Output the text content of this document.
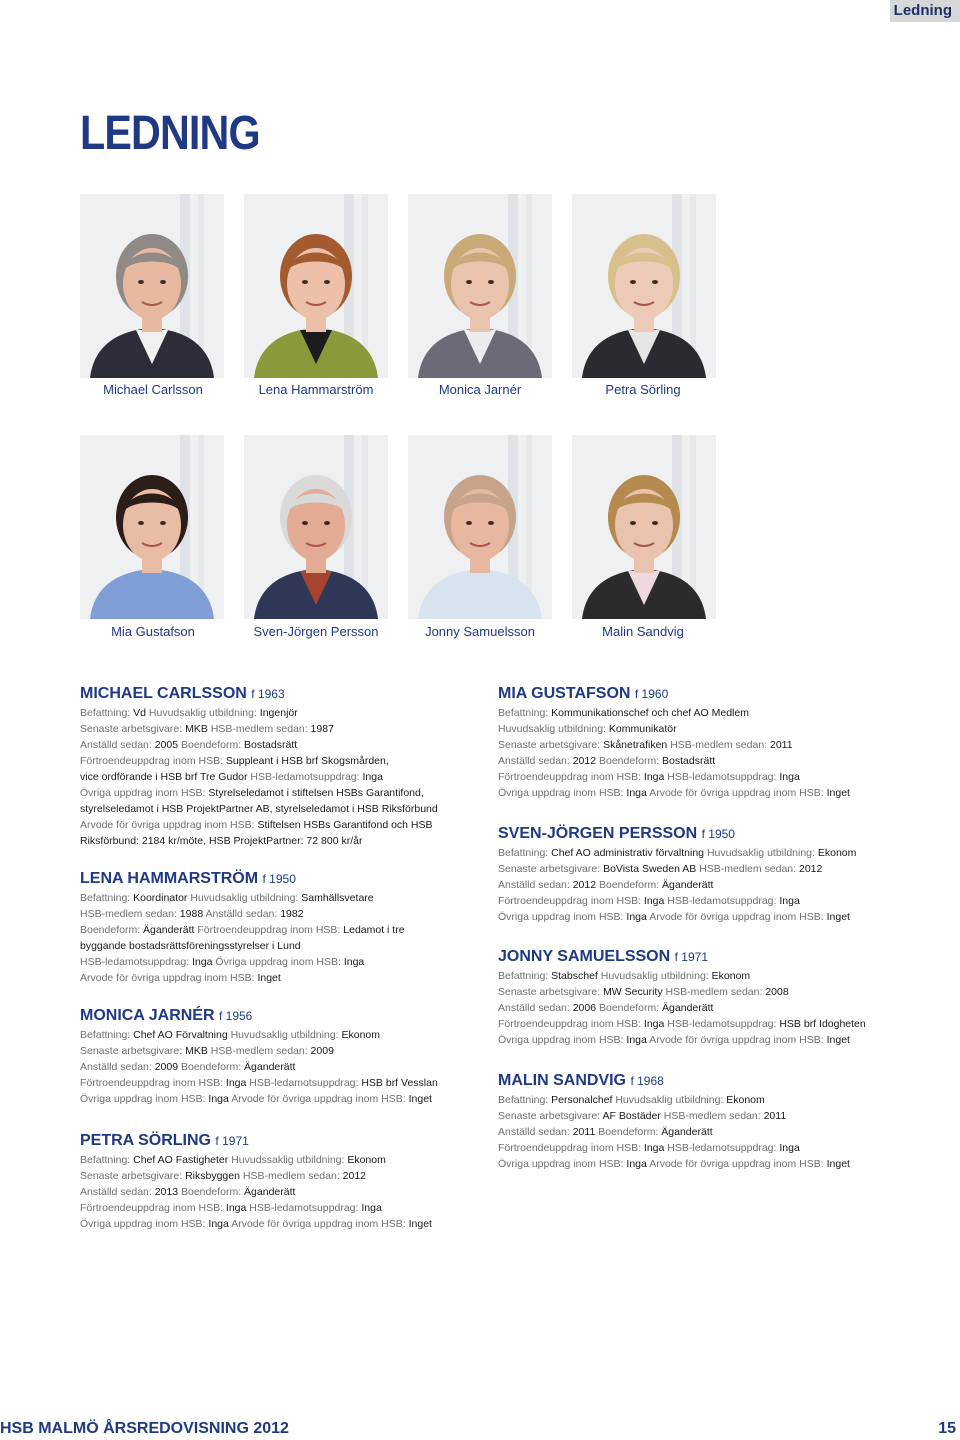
Ledning
LEDNING
Michael Carlsson	Lena Hammarström	Monica Jarnér	Petra Sörling
Mia Gustafson	Sven-Jörgen Persson	Jonny Samuelsson	Malin Sandvig
MICHAEL CARLSSON f 1963

Befattning: Vd Huvudsaklig utbildning: Ingenjör

Senaste arbetsgivare: MKB HSB-medlem sedan: 1987

Anställd sedan: 2005 Boendeform: Bostadsrätt

Förtroendeuppdrag inom HSB: Suppleant i HSB brf Skogsmården,

vice ordförande i HSB brf Tre Gudor HSB-ledamotsuppdrag: Inga

Övriga uppdrag inom HSB: Styrelseledamot i stiftelsen HSBs Garantifond,

styrelseledamot i HSB ProjektPartner AB, styrelseledamot i HSB Riksförbund

Arvode för övriga uppdrag inom HSB: Stiftelsen HSBs Garantifond och HSB

Riksförbund: 2184 kr/möte, HSB ProjektPartner: 72 800 kr/år

LENA HAMMARSTRÖM f 1950

Befattning: Koordinator Huvudsaklig utbildning: Samhällsvetare

HSB-medlem sedan: 1988 Anställd sedan: 1982

Boendeform: Äganderätt Förtroendeuppdrag inom HSB: Ledamot i tre

byggande bostadsrättsföreningsstyrelser i Lund

HSB-ledamotsuppdrag: Inga Övriga uppdrag inom HSB: Inga

Arvode för övriga uppdrag inom HSB: Inget

MONICA JARNÉR f 1956

Befattning: Chef AO Förvaltning Huvudsaklig utbildning: Ekonom

Senaste arbetsgivare: MKB HSB-medlem sedan: 2009

Anställd sedan: 2009 Boendeform: Äganderätt

Förtroendeuppdrag inom HSB: Inga HSB-ledamotsuppdrag: HSB brf Vesslan

Övriga uppdrag inom HSB: Inga Arvode för övriga uppdrag inom HSB: Inget

PETRA SÖRLING f 1971

Befattning: Chef AO Fastigheter Huvudssaklig utbildning: Ekonom

Senaste arbetsgivare: Riksbyggen HSB-medlem sedan: 2012

Anställd sedan: 2013 Boendeform: Äganderätt

Förtroendeuppdrag inom HSB: Inga HSB-ledamotsuppdrag: Inga

Övriga uppdrag inom HSB: Inga Arvode för övriga uppdrag inom HSB: Inget

MIA GUSTAFSON f 1960

Befattning: Kommunikationschef och chef AO Medlem

Huvudsaklig utbildning: Kommunikatör

Senaste arbetsgivare: Skånetrafiken HSB-medlem sedan: 2011

Anställd sedan: 2012 Boendeform: Bostadsrätt

Förtroendeuppdrag inom HSB: Inga HSB-ledamotsuppdrag: Inga

Övriga uppdrag inom HSB: Inga Arvode för övriga uppdrag inom HSB: Inget

SVEN-JÖRGEN PERSSON f 1950

Befattning: Chef AO administrativ förvaltning Huvudsaklig utbildning: Ekonom

Senaste arbetsgivare: BoVista Sweden AB HSB-medlem sedan: 2012

Anställd sedan: 2012 Boendeform: Äganderätt

Förtroendeuppdrag inom HSB: Inga HSB-ledamotsuppdrag: Inga

Övriga uppdrag inom HSB: Inga Arvode för övriga uppdrag inom HSB: Inget

JONNY SAMUELSSON f 1971

Befattning: Stabschef Huvudsaklig utbildning: Ekonom

Senaste arbetsgivare: MW Security HSB-medlem sedan: 2008

Anställd sedan: 2006 Boendeform: Äganderätt

Förtroendeuppdrag inom HSB: Inga HSB-ledamotsuppdrag: HSB brf Idogheten

Övriga uppdrag inom HSB: Inga Arvode för övriga uppdrag inom HSB: Inget

MALIN SANDVIG f 1968

Befattning: Personalchef Huvudsaklig utbildning: Ekonom

Senaste arbetsgivare: AF Bostäder HSB-medlem sedan: 2011

Anställd sedan: 2011 Boendeform: Äganderätt

Förtroendeuppdrag inom HSB: Inga HSB-ledamotsuppdrag: Inga

Övriga uppdrag inom HSB: Inga Arvode för övriga uppdrag inom HSB: Inget

HSB MALMÖ ÅRSREDOVISNING 2012	15
